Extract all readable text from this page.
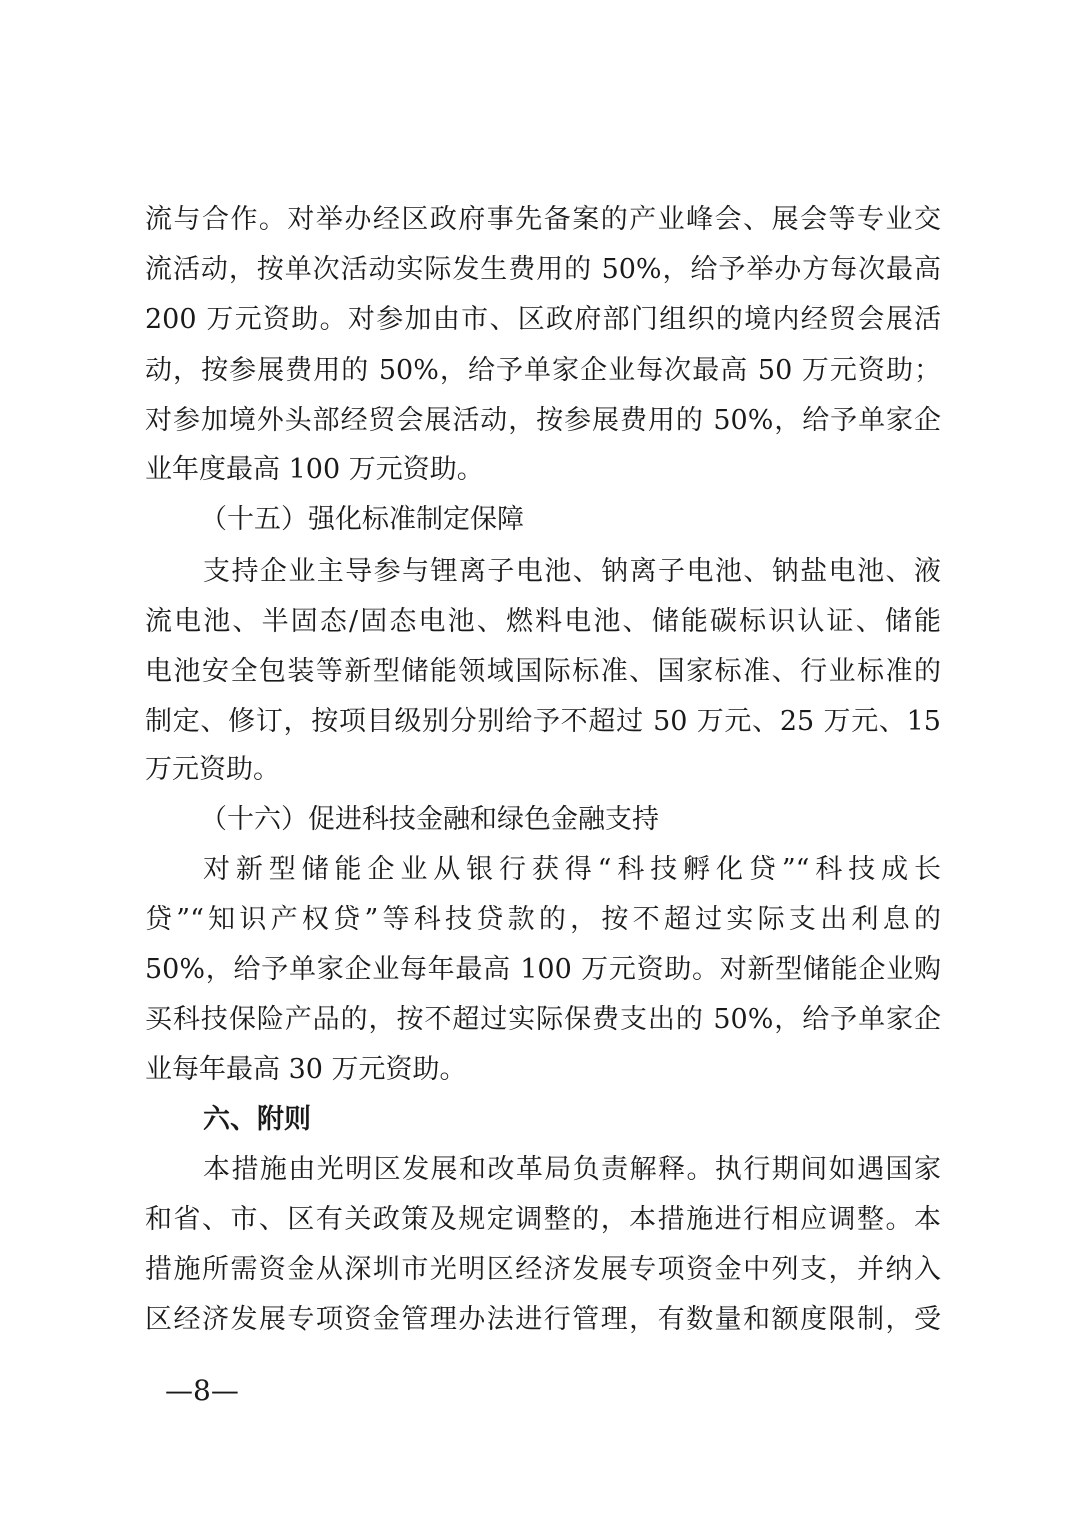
流与合作。对举办经区政府事先备案的产业峰会、展会等专业交
流活动，按单次活动实际发生费用的 50%，给予举办方每次最高
200 万元资助。对参加由市、区政府部门组织的境内经贸会展活
动，按参展费用的 50%，给予单家企业每次最高 50 万元资助；
对参加境外头部经贸会展活动，按参展费用的 50%，给予单家企
业年度最高 100 万元资助。
（十五）强化标准制定保障
支持企业主导参与锂离子电池、钠离子电池、钠盐电池、液
流电池、半固态/固态电池、燃料电池、储能碳标识认证、储能
电池安全包装等新型储能领域国际标准、国家标准、行业标准的
制定、修订，按项目级别分别给予不超过 50 万元、25 万元、15
万元资助。
（十六）促进科技金融和绿色金融支持
对新型储能企业从银行获得“科技孵化贷”“科技成长
贷”“知识产权贷”等科技贷款的，按不超过实际支出利息的
50%，给予单家企业每年最高 100 万元资助。对新型储能企业购
买科技保险产品的，按不超过实际保费支出的 50%，给予单家企
业每年最高 30 万元资助。
六、附则
本措施由光明区发展和改革局负责解释。执行期间如遇国家
和省、市、区有关政策及规定调整的，本措施进行相应调整。本
措施所需资金从深圳市光明区经济发展专项资金中列支，并纳入
区经济发展专项资金管理办法进行管理，有数量和额度限制，受
—8—
